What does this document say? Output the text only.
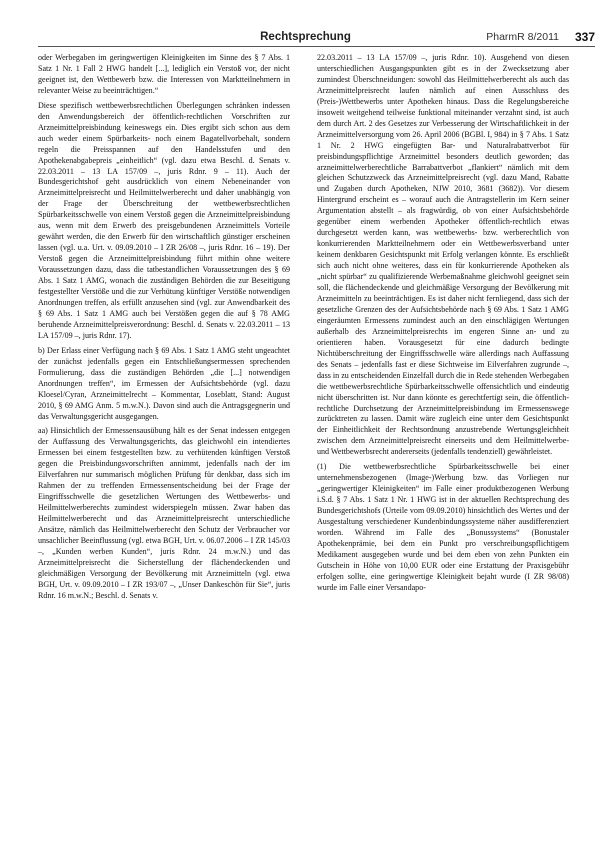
Rechtsprechung	PharmR 8/2011 337

oder Werbegaben im geringwertigen Kleinigkeiten im Sinne des § 7 Abs. 1 Satz 1 Nr. 1 Fall 2 HWG handelt [...], lediglich ein Verstoß vor, der nicht geeignet ist, den Wettbewerb bzw. die Interessen von Marktteilnehmern in relevanter Weise zu beeinträchtigen.“

Diese spezifisch wettbewerbsrechtlichen Überlegungen schränken indessen den Anwendungsbereich der öffentlich-rechtlichen Vorschriften zur Arzneimittelpreisbindung keineswegs ein. Dies ergibt sich schon aus dem auch weder einem Spürbarkeits- noch einem Bagatellvorbehalt, sondern regeln die Preisspannen auf den Handelsstufen und den Apothekenabgabepreis „einheitlich“ (vgl. dazu etwa Beschl. d. Senats v. 22.03.2011 – 13 LA 157/09 –, juris Rdnr. 9 – 11). Auch der Bundesgerichtshof geht ausdrücklich von einem Nebeneinander von Arzneimittelpreisrecht und Heilmittelwerberecht und daher unabhängig von der Frage der Überschreitung der wettbewerbsrechtlichen Spürbarkeitsschwelle von einem Verstoß gegen die Arzneimittelpreisbindung aus, wenn mit dem Erwerb des preisgebundenen Arzneimittels Vorteile gewährt werden, die den Erwerb für den wirtschaftlich günstiger erscheinen lassen (vgl. u.a. Urt. v. 09.09.2010 – I ZR 26/08 –, juris Rdnr. 16 – 19). Der Verstoß gegen die Arzneimittelpreisbindung führt mithin ohne weitere Voraussetzungen dazu, dass die tatbestandlichen Voraussetzungen des § 69 Abs. 1 Satz 1 AMG, wonach die zuständigen Behörden die zur Beseitigung festgestellter Verstöße und die zur Verhütung künftiger Verstöße notwendigen Anordnungen treffen, als erfüllt anzusehen sind (vgl. zur Anwendbarkeit des § 69 Abs. 1 Satz 1 AMG auch bei Verstößen gegen die auf § 78 AMG beruhende Arzneimittelpreisverordnung: Beschl. d. Senats v. 22.03.2011 – 13 LA 157/09 –, juris Rdnr. 17).

b) Der Erlass einer Verfügung nach § 69 Abs. 1 Satz 1 AMG steht ungeachtet der zunächst jedenfalls gegen ein Entschließungsermessen sprechenden Formulierung, dass die zuständigen Behörden „die [...] notwendigen Anordnungen treffen“, im Ermessen der Aufsichtsbehörde (vgl. dazu Kloesel/Cyran, Arzneimittelrecht – Kommentar, Loseblatt, Stand: August 2010, § 69 AMG Anm. 5 m.w.N.). Davon sind auch die Antragsgegnerin und das Verwaltungsgericht ausgegangen.

aa) Hinsichtlich der Ermessensausübung hält es der Senat indessen entgegen der Auffassung des Verwaltungsgerichts, das gleichwohl ein intendiertes Ermessen bei einem festgestellten bzw. zu verhütenden künftigen Verstoß gegen die Preisbindungsvorschriften annimmt, jedenfalls nach der im Eilverfahren nur summarisch möglichen Prüfung für denkbar, dass sich im Rahmen der zu treffenden Ermessensentscheidung bei der Frage der Eingriffsschwelle die gesetzlichen Wertungen des Wettbewerbs- und Heilmittelwerberechts zumindest widerspiegeln müssen. Zwar haben das Heilmittelwerberecht und das Arzneimittelpreisrecht unterschiedliche Ansätze, nämlich das Heilmittelwerberecht den Schutz der Verbraucher vor unsachlicher Beeinflussung (vgl. etwa BGH, Urt. v. 06.07.2006 – I ZR 145/03 –, „Kunden werben Kunden“, juris Rdnr. 24 m.w.N.) und das Arzneimittelpreisrecht die Sicherstellung der flächendeckenden und gleichmäßigen Versorgung der Bevölkerung mit Arzneimitteln (vgl. etwa BGH, Urt. v. 09.09.2010 – I ZR 193/07 –, „Unser Dankeschön für Sie“, juris Rdnr. 16 m.w.N.; Beschl. d. Senats v.

22.03.2011 – 13 LA 157/09 –, juris Rdnr. 10). Ausgehend von diesen unterschiedlichen Ausgangspunkten gibt es in der Zwecksetzung aber zumindest Überschneidungen: sowohl das Heilmittelwerberecht als auch das Arzneimittelpreisrecht laufen nämlich auf einen Ausschluss des (Preis-)Wettbewerbs unter Apotheken hinaus. Dass die Regelungsbereiche insoweit weitgehend teilweise funktional miteinander verzahnt sind, ist auch dem durch Art. 2 des Gesetzes zur Verbesserung der Wirtschaftlichkeit in der Arzneimittelversorgung vom 26. April 2006 (BGBl. I, 984) in § 7 Abs. 1 Satz 1 Nr. 2 HWG eingefügten Bar- und Naturalrabattverbot für preisbindungspflichtige Arzneimittel besonders deutlich geworden; das arzneimittelwerberechtliche Barrabattverbot „flankiert“ nämlich mit dem gleichen Schutzzweck das Arzneimittelpreisrecht (vgl. dazu Mand, Rabatte und Zugaben durch Apotheken, NJW 2010, 3681 (3682)). Vor diesem Hintergrund erscheint es – worauf auch die Antragstellerin im Kern seiner Argumentation abstellt – als fragwürdig, ob von einer Aufsichtsbehörde gegenüber einem werbenden Apotheker öffentlich-rechtlich etwas durchgesetzt werden kann, was wettbewerbs- bzw. werberechtlich von konkurrierenden Marktteilnehmern oder ein Wettbewerbsverband unter keinem denkbaren Gesichtspunkt mit Erfolg verlangen könnte. Es erschließt sich auch nicht ohne weiteres, dass ein für konkurrierende Apotheken als „nicht spürbar“ zu qualifizierende Werbemaßnahme gleichwohl geeignet sein soll, die flächendeckende und gleichmäßige Versorgung der Bevölkerung mit Arzneimitteln zu beeinträchtigen. Es ist daher nicht fernliegend, dass sich der gesetzliche Grenzen des der Aufsichtsbehörde nach § 69 Abs. 1 Satz 1 AMG eingeräumten Ermessens zumindest auch an den einschlägigen Wertungen außerhalb des Arzneimittelpreisrechts im engeren Sinne an- und zu orientieren haben. Vorausgesetzt für eine dadurch bedingte Nichtüberschreitung der Eingriffsschwelle wäre allerdings nach Auffassung des Senats – jedenfalls fast er diese Sichtweise im Eilverfahren zugrunde –, dass in zu entscheidenden Einzelfall durch die in Rede stehenden Werbegaben die wettbewerbsrechtliche Spürbarkeitsschwelle offensichtlich und eindeutig nicht überschritten ist. Nur dann könnte es gerechtfertigt sein, die öffentlich-rechtliche Durchsetzung der Arzneimittelpreisbindung im Ermessenswege zurücktreten zu lassen. Damit wäre zugleich eine unter dem Gesichtspunkt der Einheitlichkeit der Rechtsordnung anzustrebende Wertungsgleichheit zwischen dem Arzneimittelpreisrecht einerseits und dem Heilmittelwerbe- und Wettbewerbsrecht andererseits (jedenfalls tendenziell) gewährleistet.

(1) Die wettbewerbsrechtliche Spürbarkeitsschwelle bei einer unternehmensbezogenen (Image-)Werbung bzw. das Vorliegen nur „geringwertiger Kleinigkeiten“ im Falle einer produktbezogenen Werbung i.S.d. § 7 Abs. 1 Satz 1 Nr. 1 HWG ist in der aktuellen Rechtsprechung des Bundesgerichtshofs (Urteile vom 09.09.2010) hinsichtlich des Wertes und der Ausgestaltung verschiedener Kundenbindungssysteme näher ausdifferenziert worden. Während im Falle des „Bonussystems“ (Bonustaler Apothekenprämie, bei dem ein Punkt pro verschreibungspflichtigem Medikament ausgegeben wurde und bei dem eben von zehn Punkten ein Gutschein in Höhe von 10,00 EUR oder eine Erstattung der Praxisgebühr erfolgen sollte, eine geringwertige Kleinigkeit bejaht wurde (I ZR 98/08) wurde im Falle einer Versandapo-
